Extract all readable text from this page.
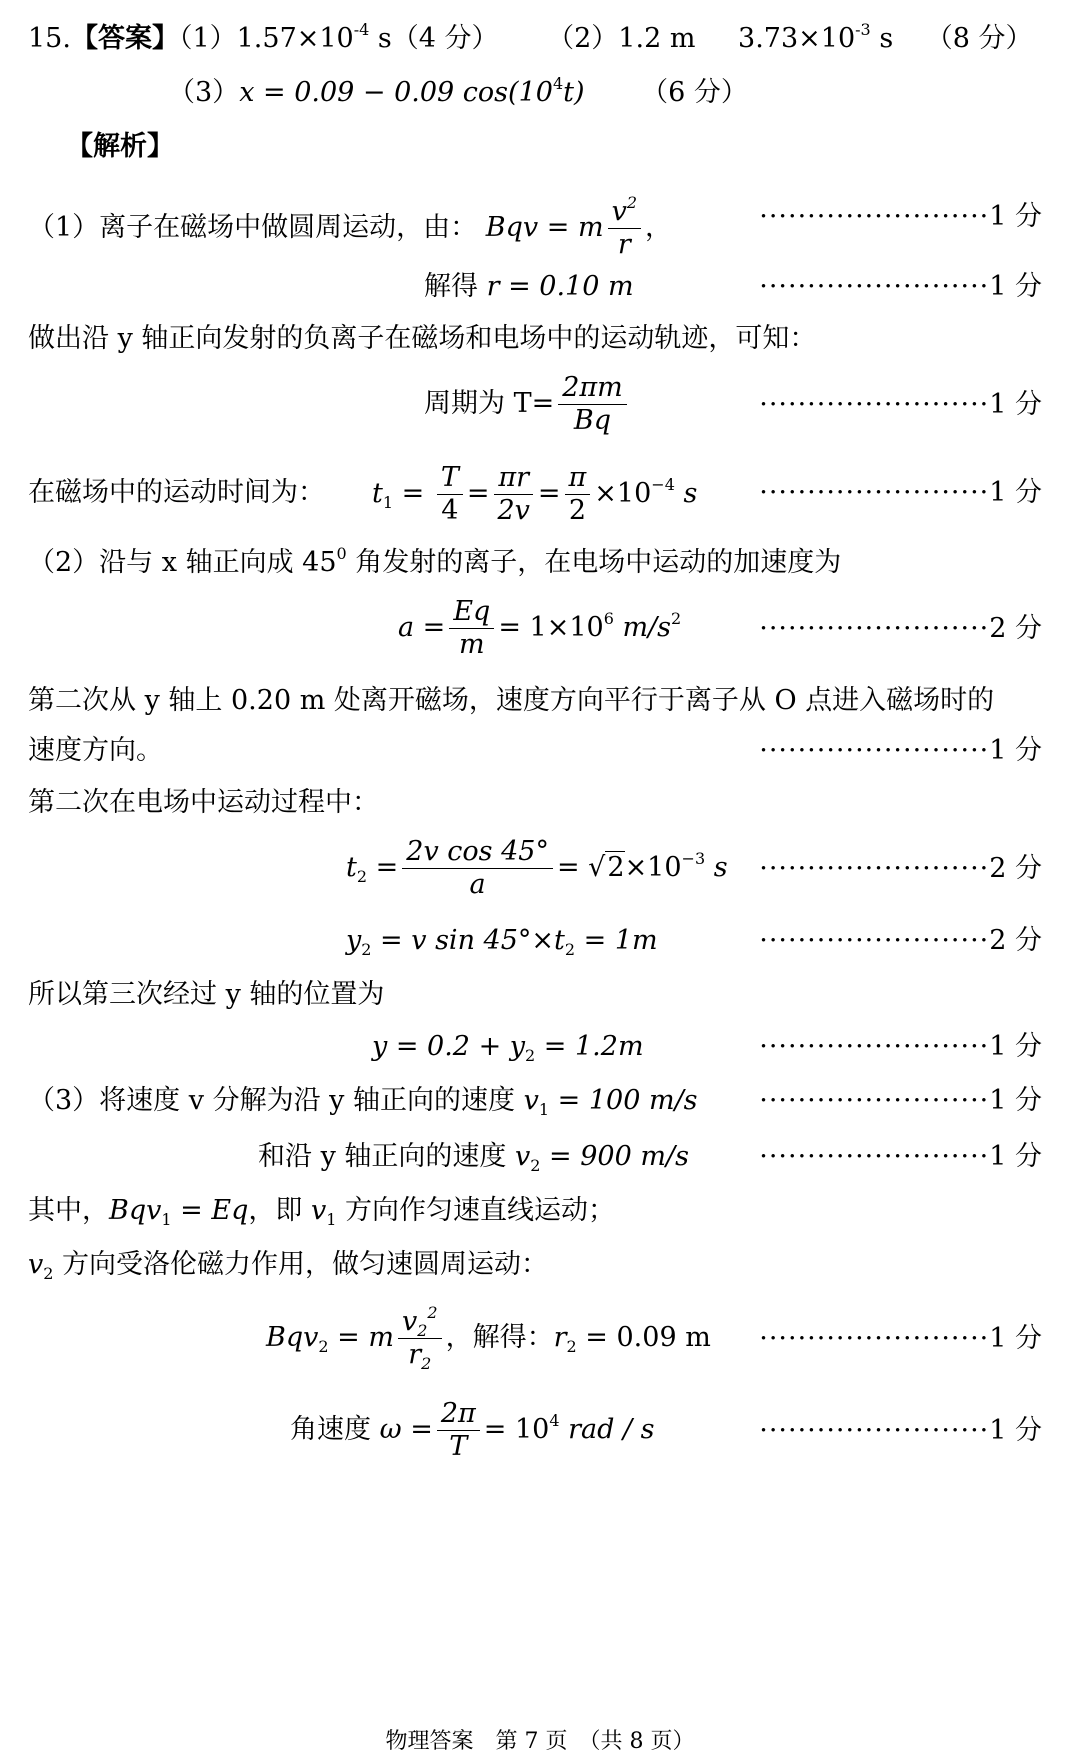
15.【答案】$(1)1.57\times 10^{-4}$ s（4 分） （2）1.2 m $3.73\times 10^{-3}$ s （8 分）
（3）x = 0.09 − 0.09 $\cos(10^4t)$ （6 分）
【解析】
（1）离子在磁场中做圆周运动，由： Bqv = m $\frac{v^2}{r}$ ，	························1 分
解得 r = 0.10 m	························1 分
做出沿 y 轴正向发射的负离子在磁场和电场中的运动轨迹，可知：
周期为 $T= \frac{2\pi m}{Bq}$	························1 分
在磁场中的运动时间为： $t_1 = \frac{T}{4} = \frac{\pi r}{2v} = \frac{\pi}{2} \times 10^{-4}$ s ························1 分
（2）沿与 x 轴正向成 $45^0$ 角发射的离子，在电场中运动的加速度为
$a = \frac{Eq}{m} = 1\times 10^6$ $m/s^2$	························2 分
第二次从 y 轴上 0.20 m 处离开磁场，速度方向平行于离子从 O 点进入磁场时的
速度方向。	························1 分
第二次在电场中运动过程中：
$t_2 = \frac{\text{2v cos 45°}}{a} = √2\times 10^{-3}$ s ························2 分
$y_2 = v$ $\sin 45^\circ\times t_2 = 1m$	························2 分
所以第三次经过 y 轴的位置为
$y = 0.2 + y_2 = 1.2m$	························1 分
（3）将速度 v 分解为沿 y 轴正向的速度 $v_1 = 100$ m/s ························1 分
和沿 y 轴正向的速度 $v_2 = 900$ m/s	························1 分
其中，Bqv$_1$ = Eq，即 $v_1$ 方向作匀速直线运动；
$v_2$ 方向受洛伦磁力作用，做匀速圆周运动：
Bqv$_2$ = m $\frac{v_2^2}{r_2}$ ，解得：$r_2 = 0.09$ m ························1 分
角速度 $\omega = \frac{2\pi}{T} = 10^4$ rad / s	························1 分
物理答案　第 7 页　（共 8 页）
